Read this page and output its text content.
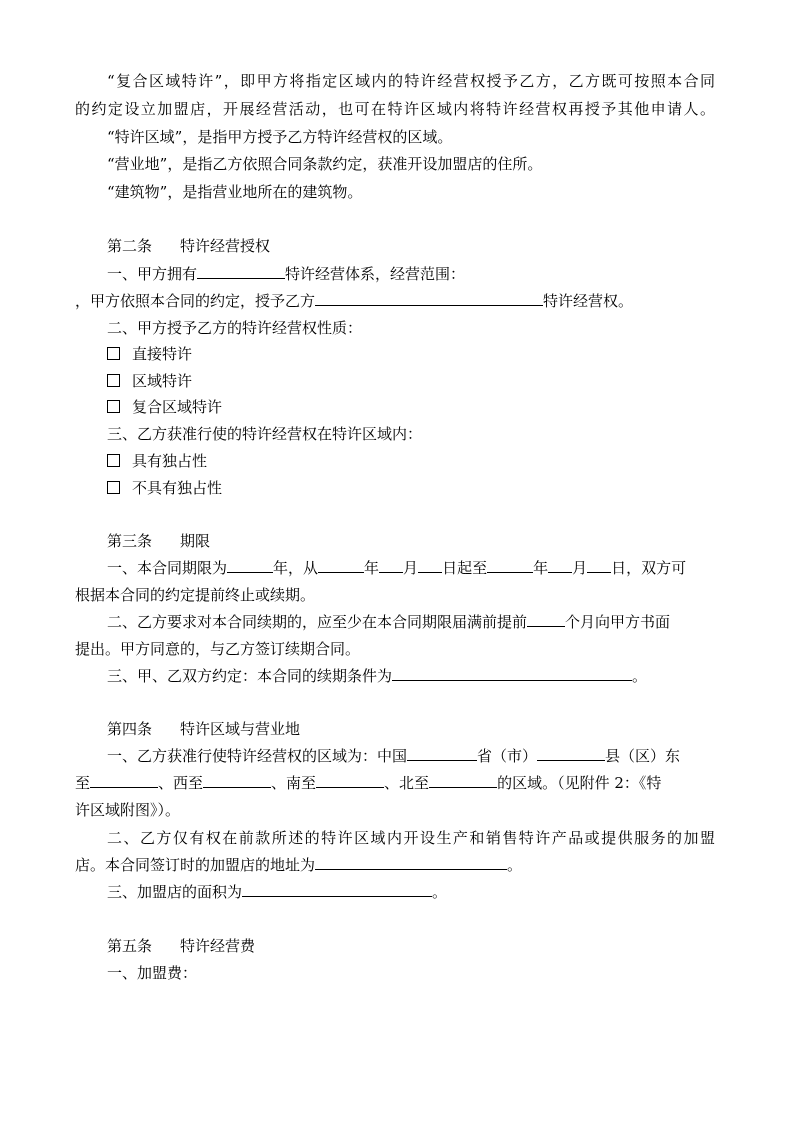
“复合区域特许”，即甲方将指定区域内的特许经营权授予乙方，乙方既可按照本合同
的约定设立加盟店，开展经营活动，也可在特许区域内将特许经营权再授予其他申请人。
“特许区域”，是指甲方授予乙方特许经营权的区域。
“营业地”，是指乙方依照合同条款约定，获准开设加盟店的住所。
“建筑物”，是指营业地所在的建筑物。
第二条 特许经营授权
一、甲方拥有	特许经营体系，经营范围：
，甲方依照本合同的约定，授予乙方	特许经营权。
二、甲方授予乙方的特许经营权性质：
直接特许
区域特许
复合区域特许
三、乙方获准行使的特许经营权在特许区域内：
具有独占性
不具有独占性
第三条 期限
一、本合同期限为	年，从	年 月 日起至	年 月 日，双方可
根据本合同的约定提前终止或续期。
二、乙方要求对本合同续期的，应至少在本合同期限届满前提前	个月向甲方书面
提出。甲方同意的，与乙方签订续期合同。
三、甲、乙双方约定：本合同的续期条件为	。
第四条 特许区域与营业地
一、乙方获准行使特许经营权的区域为：中国	省（市）	县（区）东
至	、西至	、南至	、北至	的区域。（见附件 2：《特
许区域附图》）。
二、乙方仅有权在前款所述的特许区域内开设生产和销售特许产品或提供服务的加盟
店。本合同签订时的加盟店的地址为	。
三、加盟店的面积为	。
第五条 特许经营费
一、加盟费：
